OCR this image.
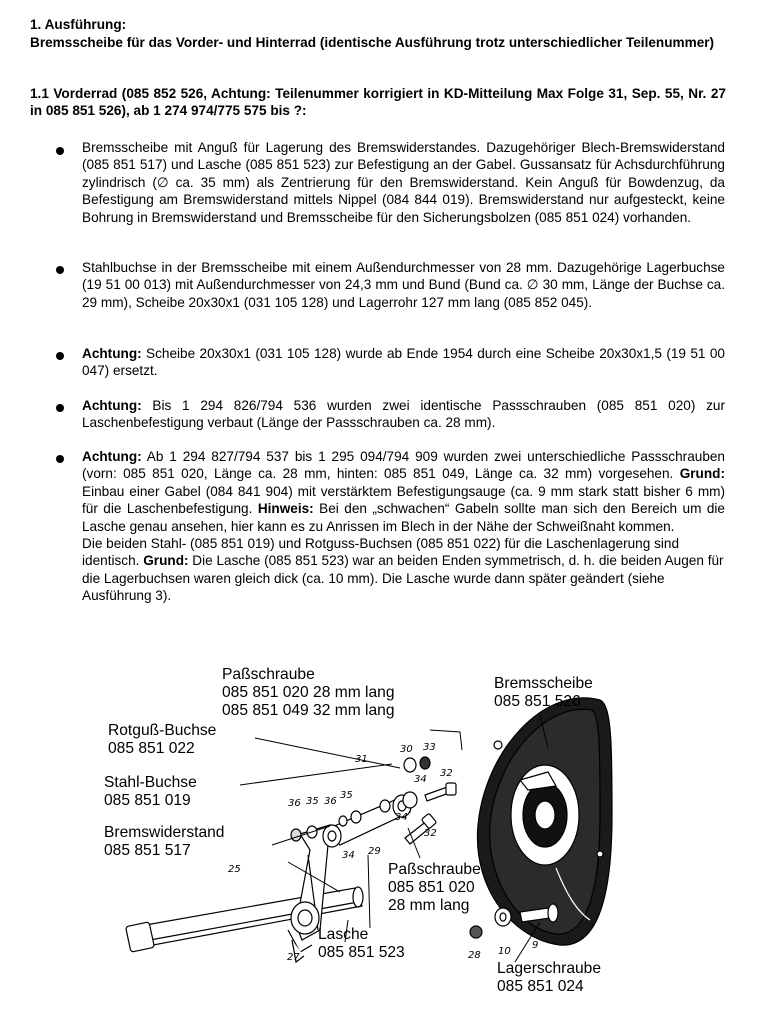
1. Ausführung:
Bremsscheibe für das Vorder- und Hinterrad (identische Ausführung trotz unterschiedlicher Teilenummer)
1.1 Vorderrad (085 852 526, Achtung: Teilenummer korrigiert in KD-Mitteilung Max Folge 31, Sep. 55, Nr. 27 in 085 851 526), ab 1 274 974/775 575 bis ?:
Bremsscheibe mit Anguß für Lagerung des Bremswiderstandes. Dazugehöriger Blech-Bremswiderstand (085 851 517) und Lasche (085 851 523) zur Befestigung an der Gabel. Gussansatz für Achsdurchführung zylindrisch (∅ ca. 35 mm) als Zentrierung für den Bremswiderstand. Kein Anguß für Bowdenzug, da Befestigung am Bremswiderstand mittels Nippel (084 844 019). Bremswiderstand nur aufgesteckt, keine Bohrung in Bremswiderstand und Bremsscheibe für den Sicherungsbolzen (085 851 024) vorhanden.
Stahlbuchse in der Bremsscheibe mit einem Außendurchmesser von 28 mm. Dazugehörige Lagerbuchse (19 51 00 013) mit Außendurchmesser von 24,3 mm und Bund (Bund ca. ∅ 30 mm, Länge der Buchse ca. 29 mm), Scheibe 20x30x1 (031 105 128) und Lagerrohr 127 mm lang (085 852 045).
Achtung: Scheibe 20x30x1 (031 105 128) wurde ab Ende 1954 durch eine Scheibe 20x30x1,5 (19 51 00 047) ersetzt.
Achtung: Bis 1 294 826/794 536 wurden zwei identische Passschrauben (085 851 020) zur Laschenbefestigung verbaut (Länge der Passschrauben ca. 28 mm).
Achtung: Ab 1 294 827/794 537 bis 1 295 094/794 909 wurden zwei unterschiedliche Passschrauben (vorn: 085 851 020, Länge ca. 28 mm, hinten: 085 851 049, Länge ca. 32 mm) vorgesehen. Grund: Einbau einer Gabel (084 841 904) mit verstärktem Befestigungsauge (ca. 9 mm stark statt bisher 6 mm) für die Laschenbefestigung. Hinweis: Bei den „schwachen“ Gabeln sollte man sich den Bereich um die Lasche genau ansehen, hier kann es zu Anrissen im Blech in der Nähe der Schweißnaht kommen.
Die beiden Stahl- (085 851 019) und Rotguss-Buchsen (085 851 022) für die Laschenlagerung sind identisch. Grund: Die Lasche (085 851 523) war an beiden Enden symmetrisch, d. h. die beiden Augen für die Lagerbuchsen waren gleich dick (ca. 10 mm). Die Lasche wurde dann später geändert (siehe Ausführung 3).
30 33
31
34
32
36 35 36
35
34 29
32
34
25
27	28 10
9
Paßschraube
085 851 020 28 mm lang
085 851 049 32 mm lang
Rotguß-Buchse
085 851 022
Stahl-Buchse
085 851 019
Bremswiderstand
085 851 517
Bremsscheibe
085 851 526
Paßschraube
085 851 020
28 mm lang
Lasche
085 851 523
Lagerschraube
085 851 024
